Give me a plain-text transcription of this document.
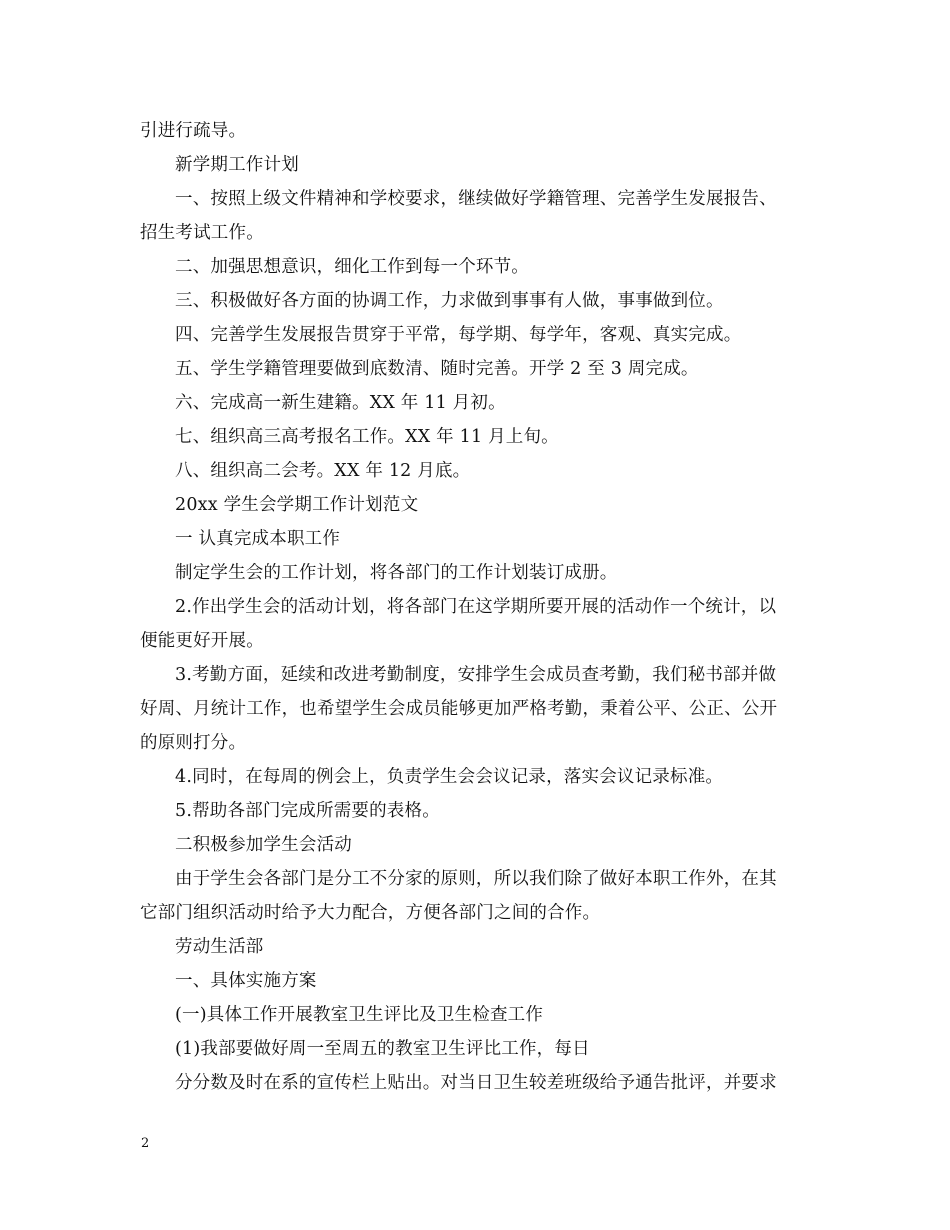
引进行疏导。
新学期工作计划
一、按照上级文件精神和学校要求，继续做好学籍管理、完善学生发展报告、
招生考试工作。
二、加强思想意识，细化工作到每一个环节。
三、积极做好各方面的协调工作，力求做到事事有人做，事事做到位。
四、完善学生发展报告贯穿于平常，每学期、每学年，客观、真实完成。
五、学生学籍管理要做到底数清、随时完善。开学 2 至 3 周完成。
六、完成高一新生建籍。XX 年 11 月初。
七、组织高三高考报名工作。XX 年 11 月上旬。
八、组织高二会考。XX 年 12 月底。
20xx 学生会学期工作计划范文
一 认真完成本职工作
制定学生会的工作计划，将各部门的工作计划装订成册。
2.作出学生会的活动计划，将各部门在这学期所要开展的活动作一个统计，以
便能更好开展。
3.考勤方面，延续和改进考勤制度，安排学生会成员查考勤，我们秘书部并做
好周、月统计工作，也希望学生会成员能够更加严格考勤，秉着公平、公正、公开
的原则打分。
4.同时，在每周的例会上，负责学生会会议记录，落实会议记录标准。
5.帮助各部门完成所需要的表格。
二积极参加学生会活动
由于学生会各部门是分工不分家的原则，所以我们除了做好本职工作外，在其
它部门组织活动时给予大力配合，方便各部门之间的合作。
劳动生活部
一、具体实施方案
(一)具体工作开展教室卫生评比及卫生检查工作
(1)我部要做好周一至周五的教室卫生评比工作，每日
分分数及时在系的宣传栏上贴出。对当日卫生较差班级给予通告批评，并要求
2
